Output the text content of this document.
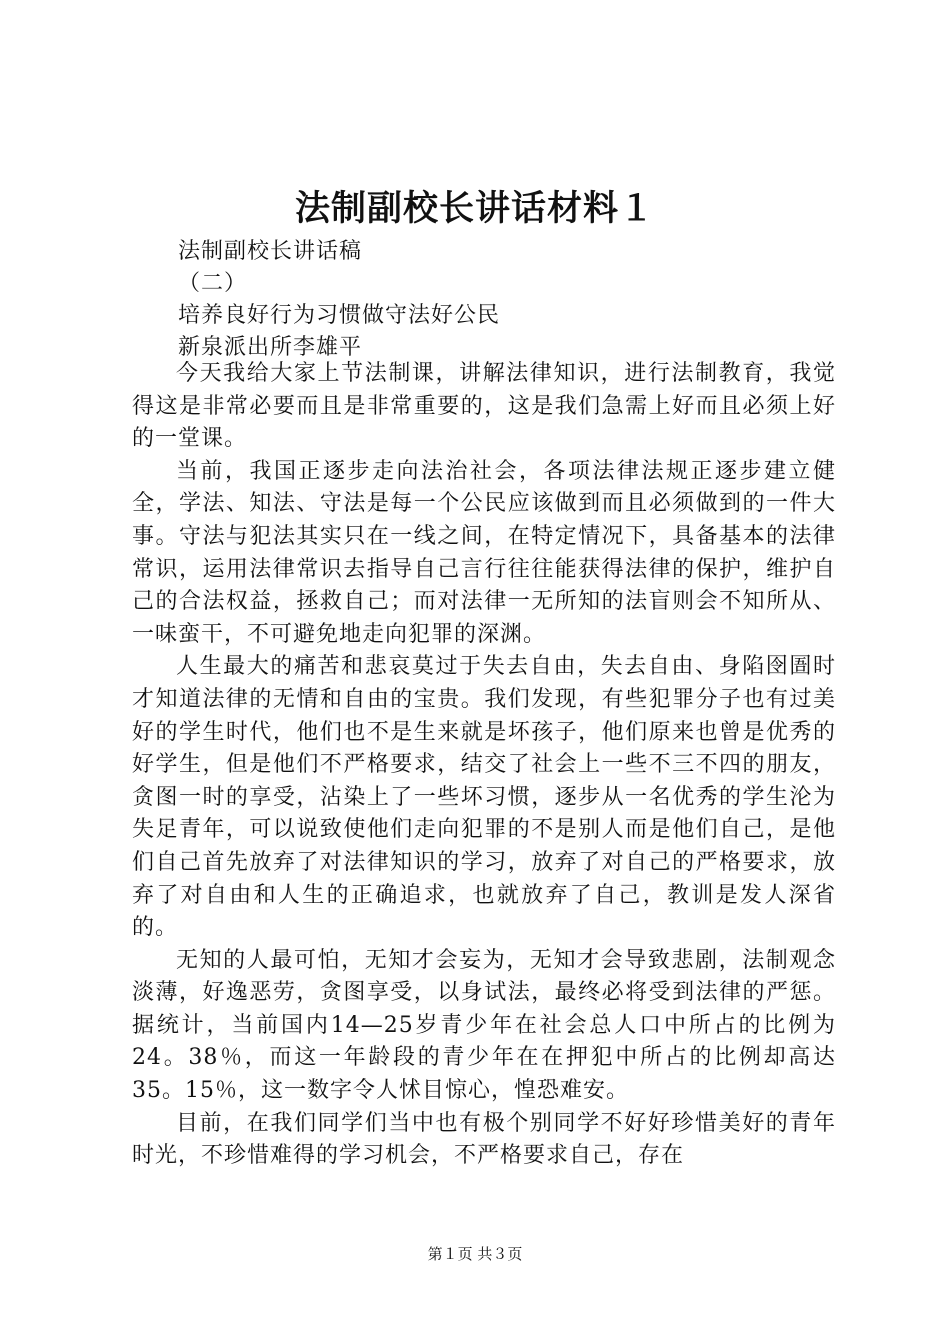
法制副校长讲话材料１
法制副校长讲话稿
（二）
培养良好行为习惯做守法好公民
新泉派出所李雄平

今天我给大家上节法制课，讲解法律知识，进行法制教育，我觉得这是非常必要而且是非常重要的，这是我们急需上好而且必须上好的一堂课。

当前，我国正逐步走向法治社会，各项法律法规正逐步建立健全，学法、知法、守法是每一个公民应该做到而且必须做到的一件大事。守法与犯法其实只在一线之间，在特定情况下，具备基本的法律常识，运用法律常识去指导自己言行往往能获得法律的保护，维护自己的合法权益，拯救自己；而对法律一无所知的法盲则会不知所从、一味蛮干，不可避免地走向犯罪的深渊。

人生最大的痛苦和悲哀莫过于失去自由，失去自由、身陷囹圄时才知道法律的无情和自由的宝贵。我们发现，有些犯罪分子也有过美好的学生时代，他们也不是生来就是坏孩子，他们原来也曾是优秀的好学生，但是他们不严格要求，结交了社会上一些不三不四的朋友，贪图一时的享受，沾染上了一些坏习惯，逐步从一名优秀的学生沦为失足青年，可以说致使他们走向犯罪的不是别人而是他们自己，是他们自己首先放弃了对法律知识的学习，放弃了对自己的严格要求，放弃了对自由和人生的正确追求，也就放弃了自己，教训是发人深省的。

无知的人最可怕，无知才会妄为，无知才会导致悲剧，法制观念淡薄，好逸恶劳，贪图享受，以身试法，最终必将受到法律的严惩。据统计，当前国内14—25岁青少年在社会总人口中所占的比例为24。38％，而这一年龄段的青少年在在押犯中所占的比例却高达35。15％，这一数字令人怵目惊心，惶恐难安。

目前，在我们同学们当中也有极个别同学不好好珍惜美好的青年时光，不珍惜难得的学习机会，不严格要求自己，存在

第１页 共３页
